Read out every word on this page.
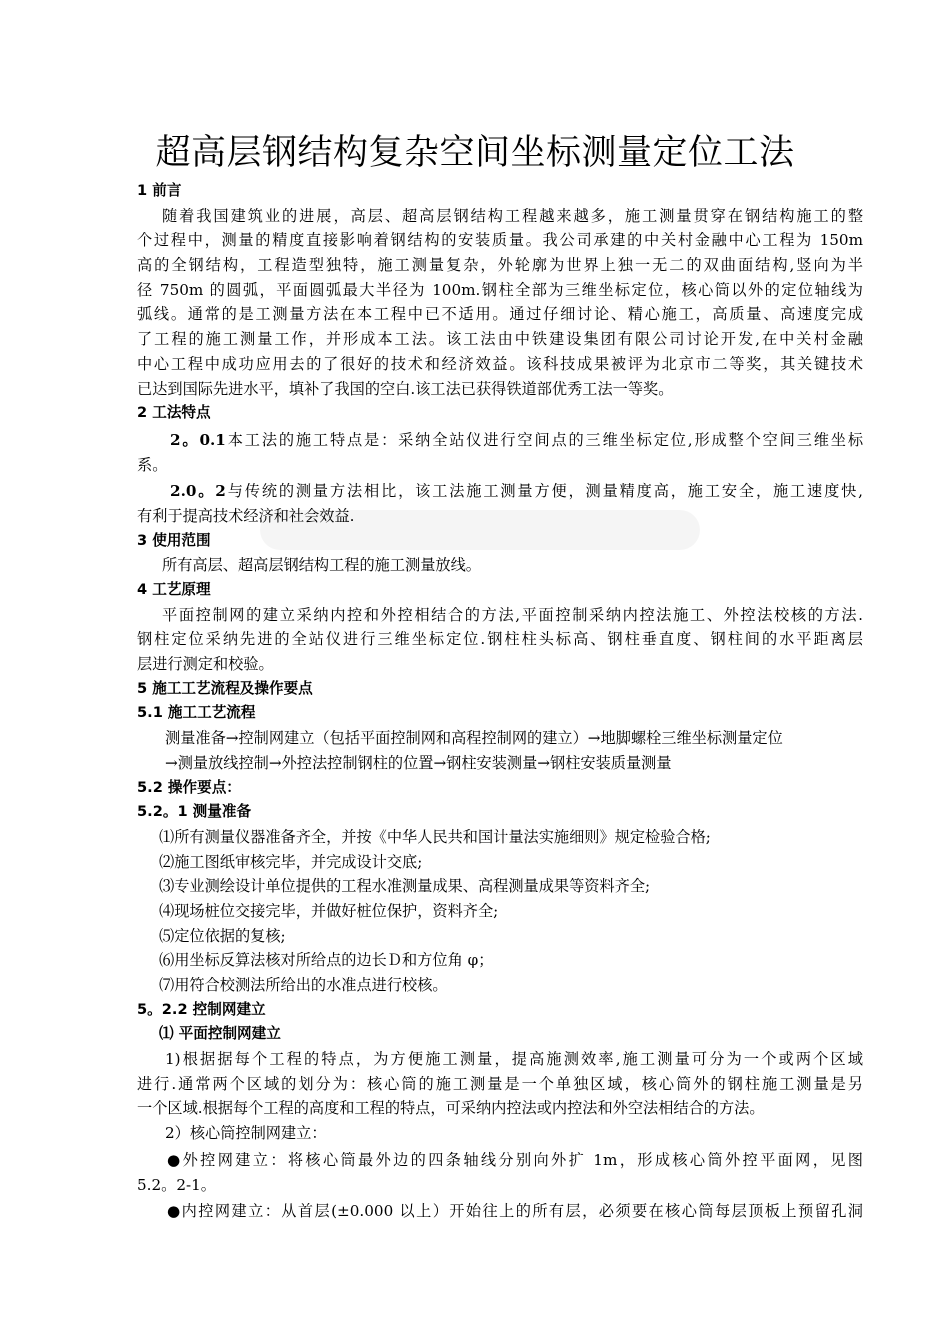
超高层钢结构复杂空间坐标测量定位工法
1 前言
随着我国建筑业的进展，高层、超高层钢结构工程越来越多，施工测量贯穿在钢结构施工的整
个过程中，测量的精度直接影响着钢结构的安装质量。我公司承建的中关村金融中心工程为 150m
高的全钢结构，工程造型独特，施工测量复杂，外轮廓为世界上独一无二的双曲面结构,竖向为半
径 750m 的圆弧，平面圆弧最大半径为 100m.钢柱全部为三维坐标定位，核心筒以外的定位轴线为
弧线。通常的是工测量方法在本工程中已不适用。通过仔细讨论、精心施工，高质量、高速度完成
了工程的施工测量工作，并形成本工法。该工法由中铁建设集团有限公司讨论开发,在中关村金融
中心工程中成功应用去的了很好的技术和经济效益。该科技成果被评为北京市二等奖，其关键技术
已达到国际先进水平，填补了我国的空白.该工法已获得铁道部优秀工法一等奖。
2 工法特点
2。0.1本工法的施工特点是：采纳全站仪进行空间点的三维坐标定位,形成整个空间三维坐标
系。
2.0。2与传统的测量方法相比，该工法施工测量方便，测量精度高，施工安全，施工速度快,
有利于提高技术经济和社会效益.
3 使用范围
所有高层、超高层钢结构工程的施工测量放线。
4 工艺原理
平面控制网的建立采纳内控和外控相结合的方法,平面控制采纳内控法施工、外控法校核的方法.
钢柱定位采纳先进的全站仪进行三维坐标定位.钢柱柱头标高、钢柱垂直度、钢柱间的水平距离层
层进行测定和校验。
5 施工工艺流程及操作要点
5.1 施工工艺流程
测量准备→控制网建立（包括平面控制网和高程控制网的建立）→地脚螺栓三维坐标测量定位
→测量放线控制→外控法控制钢柱的位置→钢柱安装测量→钢柱安装质量测量
5.2 操作要点：
5.2。1 测量准备
⑴所有测量仪器准备齐全，并按《中华人民共和国计量法实施细则》规定检验合格;
⑵施工图纸审核完毕，并完成设计交底;
⑶专业测绘设计单位提供的工程水准测量成果、高程测量成果等资料齐全;
⑷现场桩位交接完毕，并做好桩位保护，资料齐全;
⑸定位依据的复核;
⑹用坐标反算法核对所给点的边长Ｄ和方位角 φ；
⑺用符合校测法所给出的水准点进行校核。
5。2.2 控制网建立
⑴ 平面控制网建立
1)根据据每个工程的特点，为方便施工测量，提高施测效率,施工测量可分为一个或两个区域
进行.通常两个区域的划分为：核心筒的施工测量是一个单独区域，核心筒外的钢柱施工测量是另
一个区域.根据每个工程的高度和工程的特点，可采纳内控法或内控法和外空法相结合的方法。
2）核心筒控制网建立：
●外控网建立：将核心筒最外边的四条轴线分别向外扩 1m，形成核心筒外控平面网，见图
5.2。2-1。
●内控网建立：从首层(±0.000 以上）开始往上的所有层，必须要在核心筒每层顶板上预留孔洞
